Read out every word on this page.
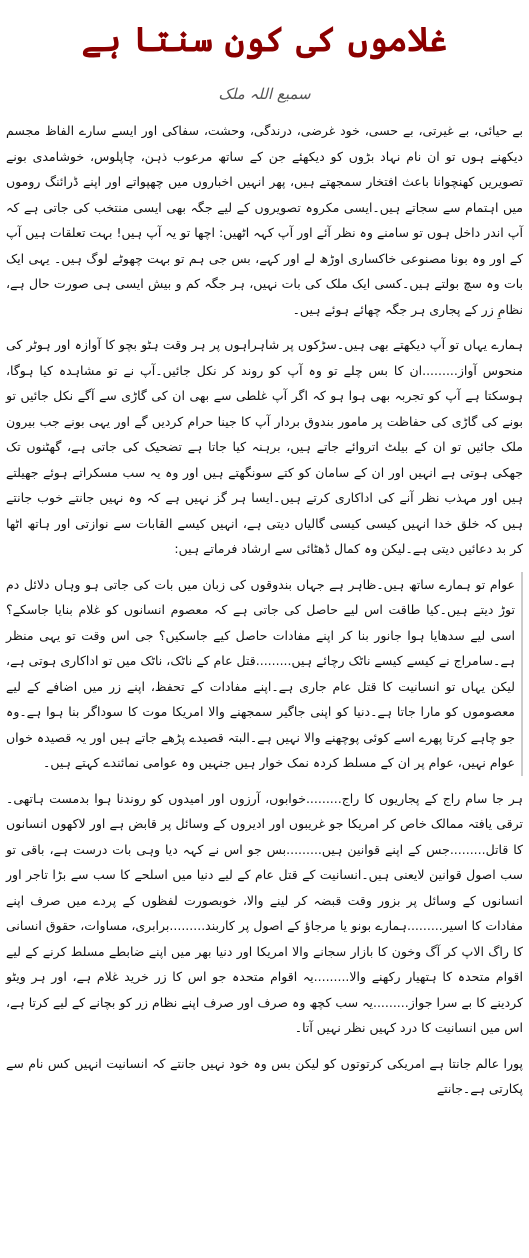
غلاموں کی کون سنتا ہے
سمیع اللہ ملک

بے حیائی، بے غیرتی، بے حسی، خود غرضی، درندگی، وحشت، سفاکی اور ایسے سارے الفاظ مجسم دیکھنے ہوں تو ان نام نہاد بڑوں کو دیکھئے جن کے ساتھ مرعوب ذہن، چاپلوس، خوشامدی بونے تصویریں کھنچوانا باعث افتخار سمجھتے ہیں، پھر انہیں اخباروں میں چھپواتے اور اپنے ڈرائنگ روموں میں اہتمام سے سجاتے ہیں۔ایسی مکروہ تصویروں کے لیے جگہ بھی ایسی منتخب کی جاتی ہے کہ آپ اندر داخل ہوں تو سامنے وہ نظر آئے اور آپ کہہ اٹھیں: اچھا تو یہ آپ ہیں! بہت تعلقات ہیں آپ کے اور وہ بونا مصنوعی خاکساری اوڑھ لے اور کہے، بس جی ہم تو بہت چھوٹے لوگ ہیں۔ یہی ایک بات وہ سچ بولتے ہیں۔کسی ایک ملک کی بات نہیں، ہر جگہ کم و بیش ایسی ہی صورت حال ہے، نظامِ زر کے پجاری ہر جگہ چھائے ہوئے ہیں۔

ہمارے یہاں تو آپ دیکھتے بھی ہیں۔سڑکوں پر شاہراہوں پر ہر وقت ہٹو بچو کا آوازہ اور ہوٹر کی منحوس آواز.........ان کا بس چلے تو وہ آپ کو روند کر نکل جائیں۔آپ نے تو مشاہدہ کیا ہوگا، ہوسکتا ہے آپ کو تجربہ بھی ہوا ہو کہ اگر آپ غلطی سے بھی ان کی گاڑی سے آگے نکل جائیں تو بونے کی گاڑی کی حفاظت پر مامور بندوق بردار آپ کا جینا حرام کردیں گے اور یہی بونے جب بیرون ملک جائیں تو ان کے بیلٹ اتروائے جاتے ہیں، برہنہ کیا جاتا ہے تضحیک کی جاتی ہے، گھٹنوں تک جھکی ہوتی ہے انہیں اور ان کے سامان کو کتے سونگھتے ہیں اور وہ یہ سب مسکراتے ہوئے جھیلتے ہیں اور مہذب نظر آنے کی اداکاری کرتے ہیں۔ایسا ہر گز نہیں ہے کہ وہ نہیں جانتے خوب جانتے ہیں کہ خلق خدا انہیں کیسی کیسی گالیاں دیتی ہے، انہیں کیسے القابات سے نوازتی اور ہاتھ اٹھا کر بد دعائیں دیتی ہے۔لیکن وہ کمال ڈھٹائی سے ارشاد فرماتے ہیں:

عوام تو ہمارے ساتھ ہیں۔ظاہر ہے جہاں بندوقوں کی زبان میں بات کی جاتی ہو وہاں دلائل دم توڑ دیتے ہیں۔کیا طاقت اس لیے حاصل کی جاتی ہے کہ معصوم انسانوں کو غلام بنایا جاسکے؟ اسی لیے سدھایا ہوا جانور بنا کر اپنے مفادات حاصل کیے جاسکیں؟ جی اس وقت تو یہی منظر ہے۔سامراج نے کیسے کیسے ناٹک رچائے ہیں.........قتل عام کے ناٹک، ناٹک میں تو اداکاری ہوتی ہے، لیکن یہاں تو انسانیت کا قتل عام جاری ہے۔اپنے مفادات کے تحفظ، اپنے زر میں اضافے کے لیے معصوموں کو مارا جاتا ہے۔دنیا کو اپنی جاگیر سمجھنے والا امریکا موت کا سوداگر بنا ہوا ہے۔وہ جو چاہے کرتا پھرے اسے کوئی پوچھنے والا نہیں ہے۔البتہ قصیدے پڑھے جاتے ہیں اور یہ قصیدہ خواں عوام نہیں، عوام پر ان کے مسلط کردہ نمک خوار ہیں جنہیں وہ عوامی نمائندے کہتے ہیں۔

ہر جا سام راج کے پجاریوں کا راج.........خوابوں، آرزوں اور امیدوں کو روندنا ہوا بدمست ہاتھی۔ترقی یافتہ ممالک خاص کر امریکا جو غریبوں اور ادیروں کے وسائل پر قابض ہے اور لاکھوں انسانوں کا قاتل.........جس کے اپنے قوانین ہیں.........بس جو اس نے کہہ دیا وہی بات درست ہے، باقی تو سب اصول قوانین لایعنی ہیں۔انسانیت کے قتل عام کے لیے دنیا میں اسلحے کا سب سے بڑا تاجر اور انسانوں کے وسائل پر بزور وقت قبضہ کر لینے والا، خوبصورت لفظوں کے پردے میں صرف اپنے مفادات کا اسیر.........ہمارے بونو یا مرجاؤ کے اصول پر کاربند.........برابری، مساوات، حقوق انسانی کا راگ الاپ کر آگ وخون کا بازار سجانے والا امریکا اور دنیا بھر میں اپنے ضابطے مسلط کرنے کے لیے اقوام متحدہ کا ہتھیار رکھنے والا.........یہ اقوام متحدہ جو اس کا زر خرید غلام ہے، اور ہر ویٹو کردینے کا بے سرا جواز.........یہ سب کچھ وہ صرف اور صرف اپنے نظام زر کو بچانے کے لیے کرتا ہے، اس میں انسانیت کا درد کہیں نظر نہیں آتا۔

پورا عالم جانتا ہے امریکی کرتوتوں کو لیکن بس وہ خود نہیں جانتے کہ انسانیت انہیں کس نام سے پکارتی ہے۔جانتے
